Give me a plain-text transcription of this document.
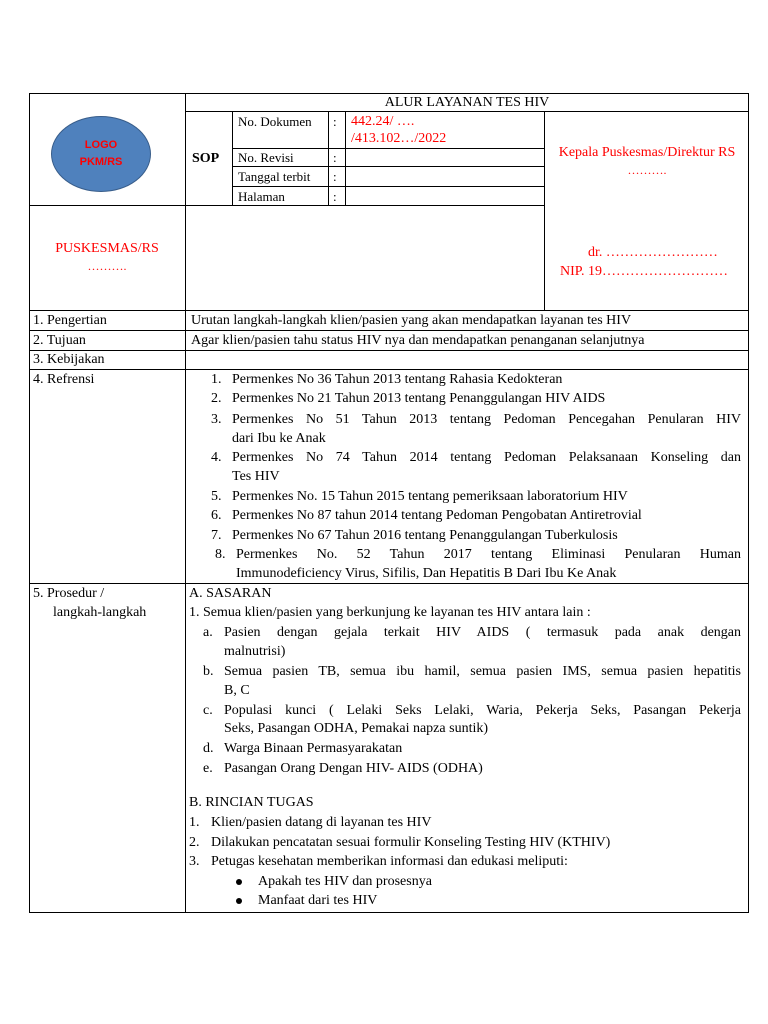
ALUR LAYANAN TES HIV
LOGO
PKM/RS	SOP
No. Dokumen : 442.24/ ….
/413.102…/2022
No. Revisi	:
Tanggal terbit :
Halaman	:
Kepala Puskesmas/Direktur RS
……….
dr. ……………………
NIP. 19………………………
PUSKESMAS/RS
……….
1. Pengertian	Urutan langkah-langkah klien/pasien yang akan mendapatkan layanan tes HIV
2. Tujuan	Agar klien/pasien tahu status HIV nya dan mendapatkan penanganan selanjutnya
3. Kebijakan
4. Refrensi	1. Permenkes No 36 Tahun 2013 tentang Rahasia Kedokteran
2. Permenkes No 21 Tahun 2013 tentang Penanggulangan HIV AIDS
3. Permenkes No 51 Tahun 2013 tentang Pedoman Pencegahan Penularan HIV
dari Ibu ke Anak
4. Permenkes No 74 Tahun 2014 tentang Pedoman Pelaksanaan Konseling dan
Tes HIV
5. Permenkes No. 15 Tahun 2015 tentang pemeriksaan laboratorium HIV
6. Permenkes No 87 tahun 2014 tentang Pedoman Pengobatan Antiretrovial
7. Permenkes No 67 Tahun 2016 tentang Penanggulangan Tuberkulosis
8. Permenkes No. 52 Tahun 2017 tentang Eliminasi Penularan Human
Immunodeficiency Virus, Sifilis, Dan Hepatitis B Dari Ibu Ke Anak
5. Prosedur /
langkah-langkah
A. SASARAN
1. Semua klien/pasien yang berkunjung ke layanan tes HIV antara lain :
a. Pasien dengan gejala terkait HIV AIDS ( termasuk pada anak dengan
malnutrisi)
b. Semua pasien TB, semua ibu hamil, semua pasien IMS, semua pasien hepatitis
B, C
c. Populasi kunci ( Lelaki Seks Lelaki, Waria, Pekerja Seks, Pasangan Pekerja
Seks, Pasangan ODHA, Pemakai napza suntik)
d. Warga Binaan Permasyarakatan
e. Pasangan Orang Dengan HIV- AIDS (ODHA)
B. RINCIAN TUGAS
1. Klien/pasien datang di layanan tes HIV
2. Dilakukan pencatatan sesuai formulir Konseling Testing HIV (KTHIV)
3. Petugas kesehatan memberikan informasi dan edukasi meliputi:
Apakah tes HIV dan prosesnya
Manfaat dari tes HIV
